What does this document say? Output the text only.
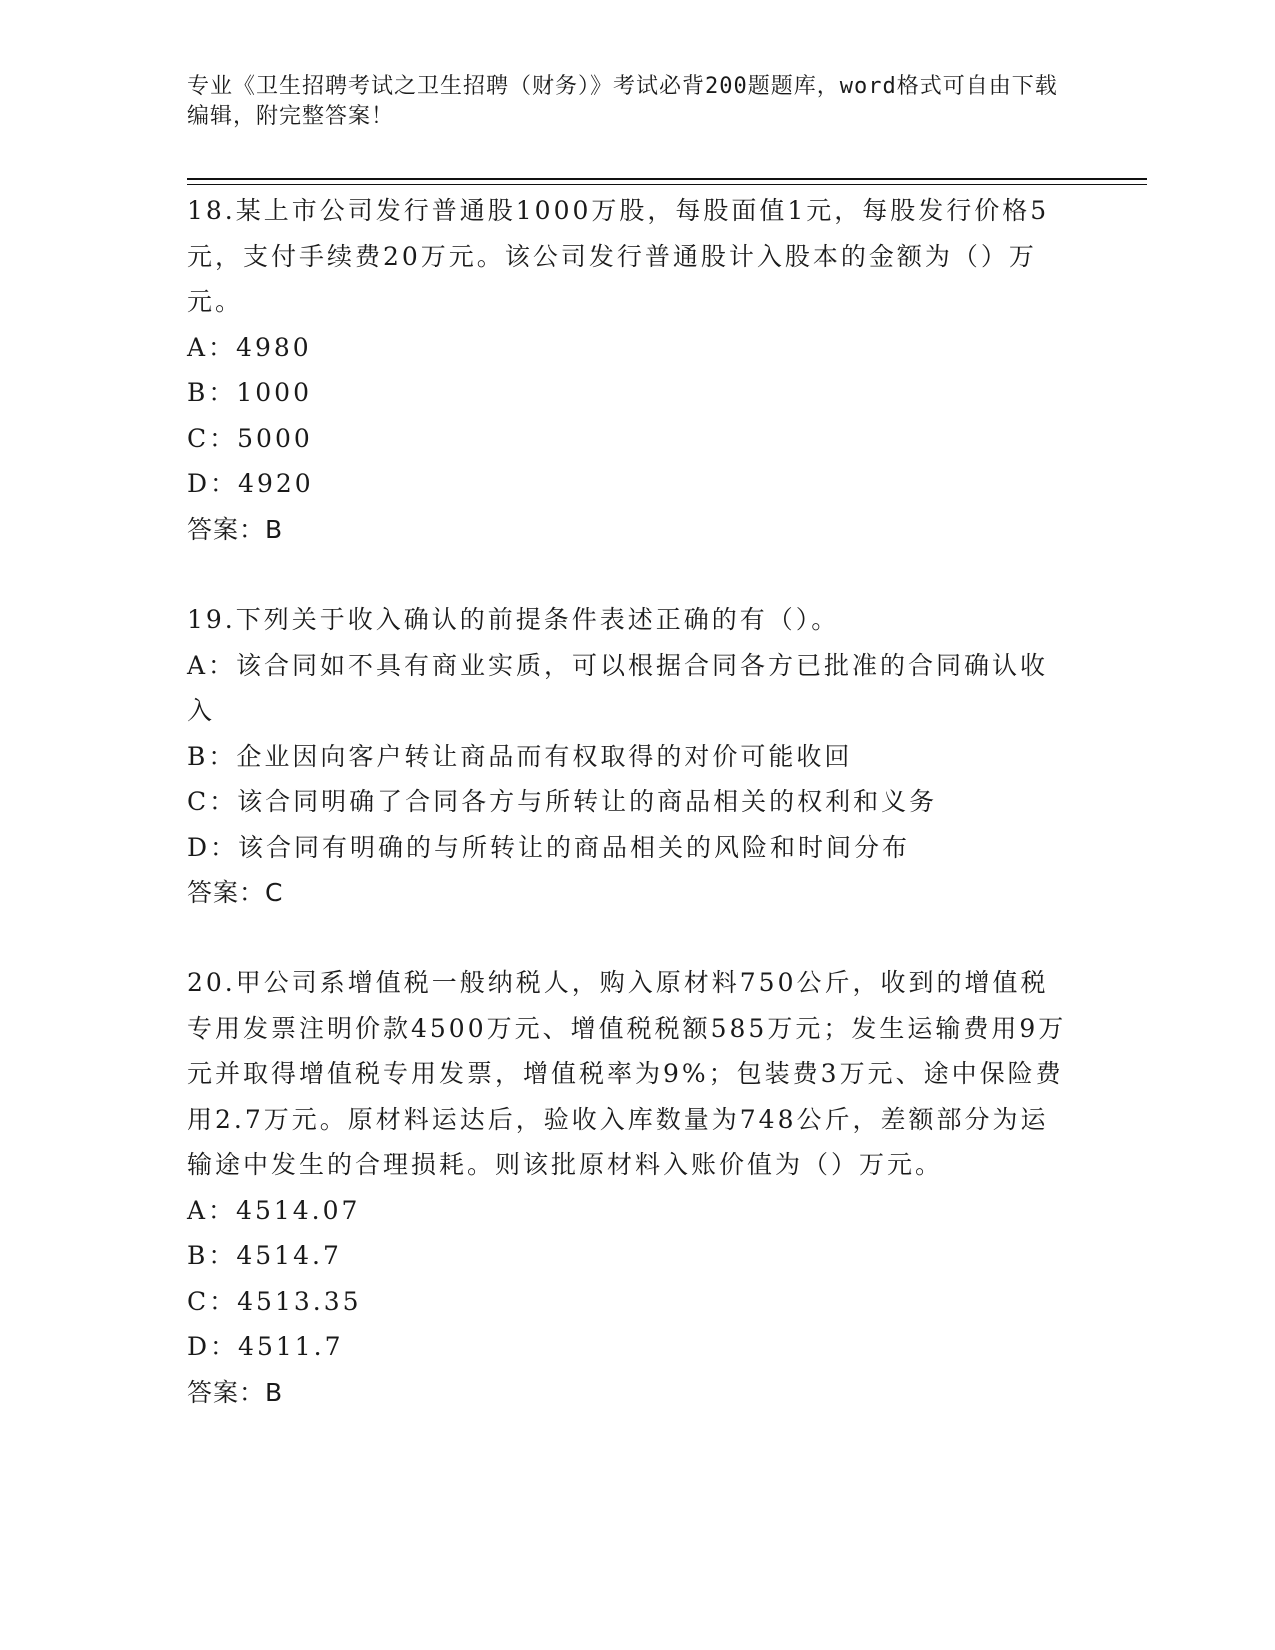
专业《卫生招聘考试之卫生招聘（财务）》考试必背200题题库，word格式可自由下载编辑，附完整答案！

18.某上市公司发行普通股1000万股，每股面值1元，每股发行价格5元，支付手续费20万元。该公司发行普通股计入股本的金额为（）万元。

A：4980

B：1000

C：5000

D：4920

答案：B

19.下列关于收入确认的前提条件表述正确的有（）。

A：该合同如不具有商业实质，可以根据合同各方已批准的合同确认收入

B：企业因向客户转让商品而有权取得的对价可能收回

C：该合同明确了合同各方与所转让的商品相关的权利和义务

D：该合同有明确的与所转让的商品相关的风险和时间分布

答案：C

20.甲公司系增值税一般纳税人，购入原材料750公斤，收到的增值税专用发票注明价款4500万元、增值税税额585万元；发生运输费用9万元并取得增值税专用发票，增值税率为9%；包装费3万元、途中保险费用2.7万元。原材料运达后，验收入库数量为748公斤，差额部分为运输途中发生的合理损耗。则该批原材料入账价值为（）万元。

A：4514.07

B：4514.7

C：4513.35

D：4511.7

答案：B
